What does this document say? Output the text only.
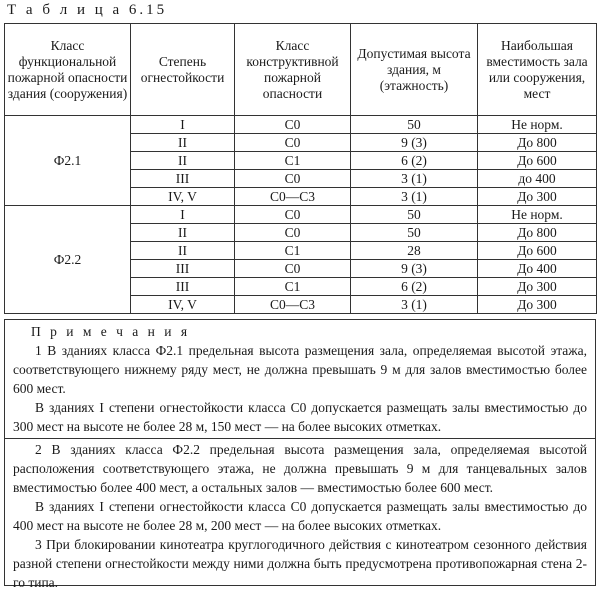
Т а б л и ц а 6.15
Класс функциональной пожарной опасности здания (сооружения)	Степень огнестойкости	Класс конструктивной пожарной опасности	Допустимая высота здания, м (этажность)	Наибольшая вместимость зала или сооружения, мест
Ф2.1	I	С0	50	Не норм.
	II	С0	9 (3)	До 800
	II	С1	6 (2)	До 600
	III	С0	3 (1)	до 400
	IV, V	С0—С3	3 (1)	До 300
Ф2.2	I	С0	50	Не норм.
	II	С0	50	До 800
	II	С1	28	До 600
	III	С0	9 (3)	До 400
	III	С1	6 (2)	До 300
	IV, V	С0—С3	3 (1)	До 300

П р и м е ч а н и я

1 В зданиях класса Ф2.1 предельная высота размещения зала, определяемая высотой этажа, соответствующего нижнему ряду мест, не должна превышать 9 м для залов вместимостью более 600 мест.

В зданиях I степени огнестойкости класса С0 допускается размещать залы вместимостью до 300 мест на высоте не более 28 м, 150 мест — на более высоких отметках.

2 В зданиях класса Ф2.2 предельная высота размещения зала, определяемая высотой расположения соответствующего этажа, не должна превышать 9 м для танцевальных залов вместимостью более 400 мест, а остальных залов — вместимостью более 600 мест.

В зданиях I степени огнестойкости класса С0 допускается размещать залы вместимостью до 400 мест на высоте не более 28 м, 200 мест — на более высоких отметках.

3 При блокировании кинотеатра круглогодичного действия с кинотеатром сезонного действия разной степени огнестойкости между ними должна быть предусмотрена противопожарная стена 2-го типа.
